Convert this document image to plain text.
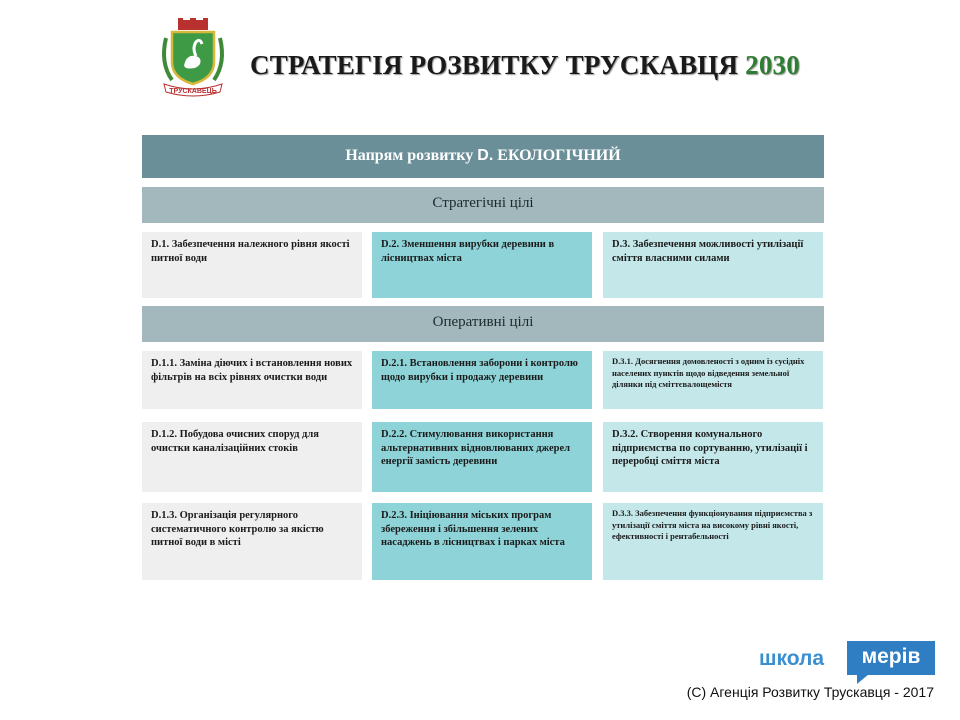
ТРУСКАВЕЦЬ
СТРАТЕГІЯ РОЗВИТКУ ТРУСКАВЦЯ 2030
Напрям розвитку D. ЕКОЛОГІЧНИЙ
Стратегічні цілі
D.1. Забезпечення належного рівня якості питної води
D.2. Зменшення вирубки деревини в лісництвах міста
D.3. Забезпечення можливості утилізації сміття власними силами
Оперативні цілі
D.1.1. Заміна діючих і встановлення нових фільтрів на всіх рівнях очистки води
D.2.1. Встановлення заборони і контролю щодо вирубки і продажу деревини
D.3.1. Досягнення домовленості з одним із сусідніх населених пунктів щодо відведення земельної ділянки під сміттєвалощемістя
D.1.2. Побудова очисних споруд для очистки каналізаційних стоків
D.2.2. Стимулювання використання альтернативних відновлюваних джерел енергії замість деревини
D.3.2. Створення комунального підприємства по сортуванню, утилізації і переробці сміття міста
D.1.3. Організація регулярного систематичного контролю за якістю питної води в місті
D.2.3. Ініціювання міських програм збереження і збільшення зелених насаджень в лісництвах і парках міста
D.3.3. Забезпечення функціонування підприємства з утилізації сміття міста на високому рівні якості, ефективності і рентабельності
школа	мерів
(С) Агенція Розвитку Трускавця - 2017
